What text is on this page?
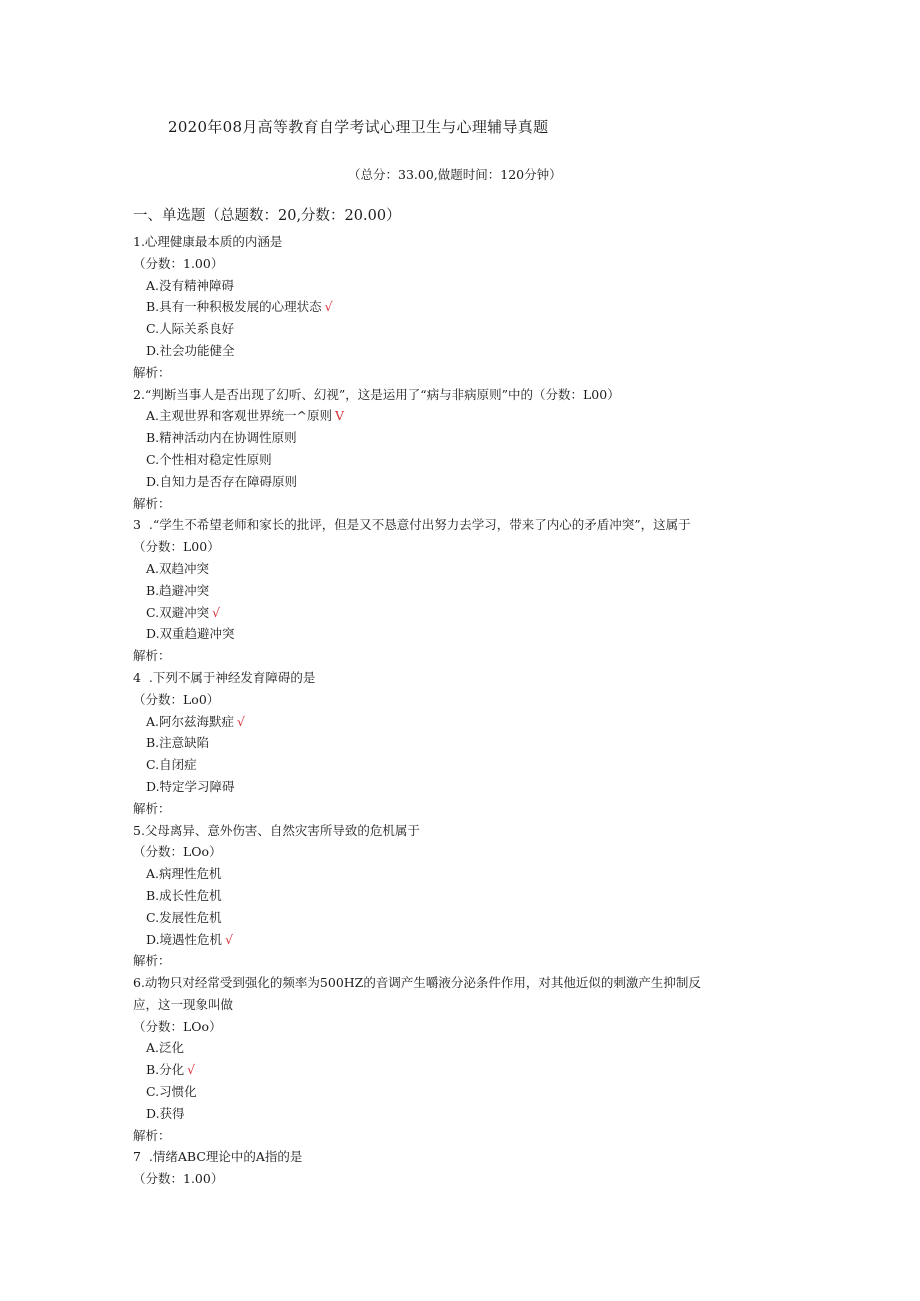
2020年08月高等教育自学考试心理卫生与心理辅导真题
（总分：33.00,做题时间：120分钟）
一、单选题（总题数：20,分数：20.00）
1.心理健康最本质的内涵是
（分数：1.00）
A.没有精神障碍
B.具有一种积极发展的心理状态 √
C.人际关系良好
D.社会功能健全
解析：
2.“判断当事人是否出现了幻听、幻视”，这是运用了“病与非病原则”中的（分数：L00）
A.主观世界和客观世界统一^原则 V
B.精神活动内在协调性原则
C.个性相对稳定性原则
D.自知力是否存在障碍原则
解析：
3  .“学生不希望老师和家长的批评，但是又不恳意付出努力去学习，带来了内心的矛盾冲突”，这属于
（分数：L00）
A.双趋冲突
B.趋避冲突
C.双避冲突 √
D.双重趋避冲突
解析：
4  .下列不属于神经发育障碍的是
（分数：Lo0）
A.阿尔兹海默症 √
B.注意缺陷
C.自闭症
D.特定学习障碍
解析：
5.父母离异、意外伤害、自然灾害所导致的危机属于
（分数：LOo）
A.病理性危机
B.成长性危机
C.发展性危机
D.境遇性危机 √
解析：
6.动物只对经常受到强化的频率为500HZ的音调产生嚼液分泌条件作用，对其他近似的刺激产生抑制反
应，这一现象叫做
（分数：LOo）
A.泛化
B.分化 √
C.习惯化
D.获得
解析：
7  .情绪ABC理论中的A指的是
（分数：1.00）
